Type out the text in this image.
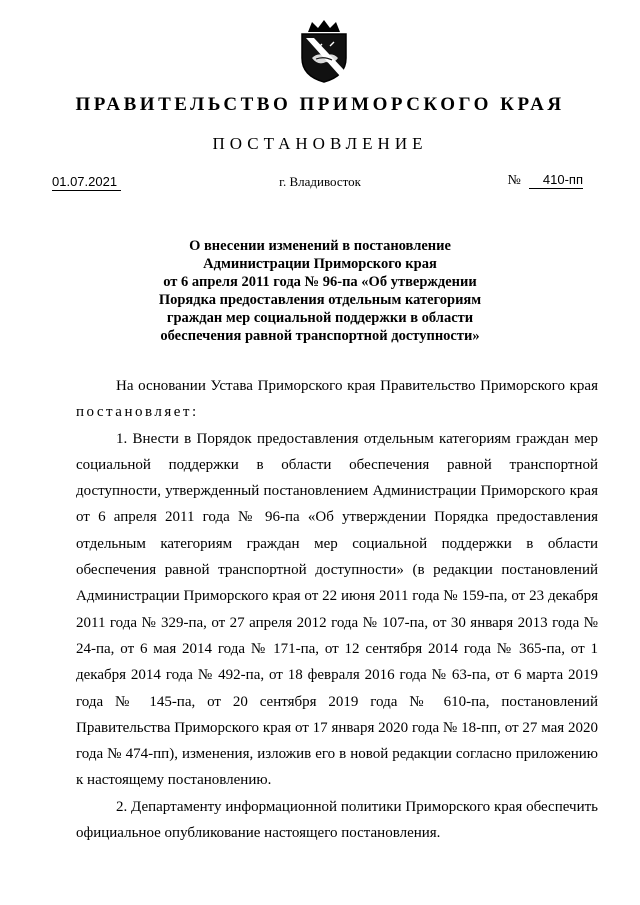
ПРАВИТЕЛЬСТВО ПРИМОРСКОГО КРАЯ
ПОСТАНОВЛЕНИЕ
01.07.2021	г. Владивосток	№ 410-пп
О внесении изменений в постановление
Администрации Приморского края
от 6 апреля 2011 года № 96-па «Об утверждении
Порядка предоставления отдельным категориям
граждан мер социальной поддержки в области
обеспечения равной транспортной доступности»

На основании Устава Приморского края Правительство Приморского края постановляет:

1. Внести в Порядок предоставления отдельным категориям граждан мер социальной поддержки в области обеспечения равной транспортной доступности, утвержденный постановлением Администрации Приморского края от 6 апреля 2011 года № 96-па «Об утверждении Порядка предоставления отдельным категориям граждан мер социальной поддержки в области обеспечения равной транспортной доступности» (в редакции постановлений Администрации Приморского края от 22 июня 2011 года № 159-па, от 23 декабря 2011 года № 329-па, от 27 апреля 2012 года № 107-па, от 30 января 2013 года № 24-па, от 6 мая 2014 года № 171-па, от 12 сентября 2014 года № 365-па, от 1 декабря 2014 года № 492-па, от 18 февраля 2016 года № 63-па, от 6 марта 2019 года № 145-па, от 20 сентября 2019 года № 610-па, постановлений Правительства Приморского края от 17 января 2020 года № 18-пп, от 27 мая 2020 года № 474-пп), изменения, изложив его в новой редакции согласно приложению к настоящему постановлению.

2. Департаменту информационной политики Приморского края обеспечить официальное опубликование настоящего постановления.
